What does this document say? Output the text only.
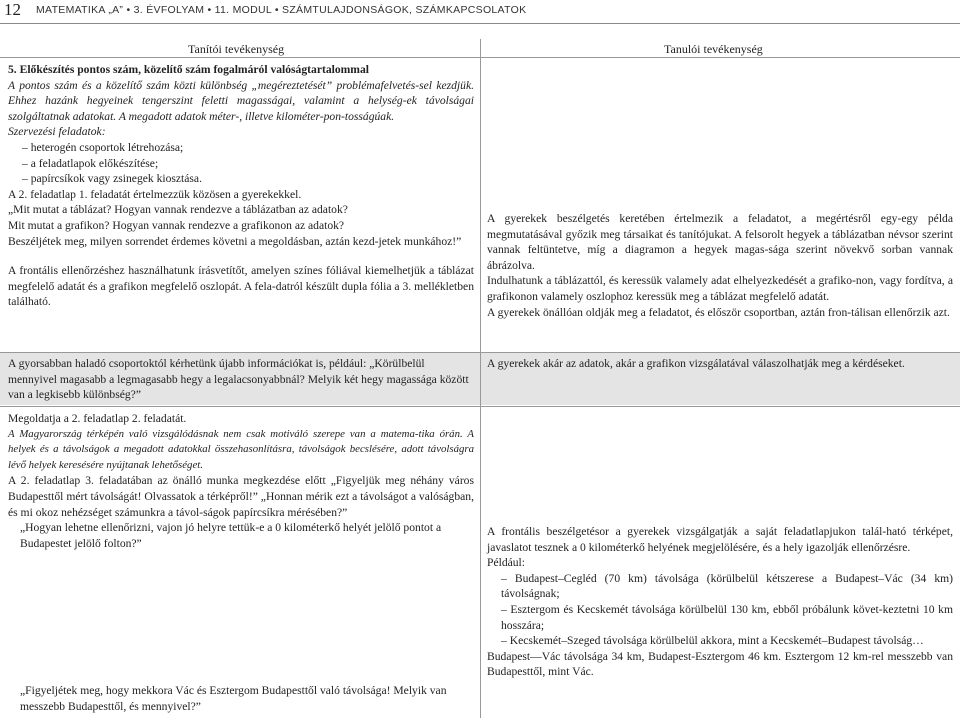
12 MATEMATIKA „A” • 3. ÉVFOLYAM • 11. MODUL • SZÁMTULAJDONSÁGOK, SZÁMKAPCSOLATOK
Tanítói tevékenység	Tanulói tevékenység

5. Előkészítés pontos szám, közelítő szám fogalmáról valóságtartalommal

A pontos szám és a közelítő szám közti különbség „megéreztetését” problémafelvetés-sel kezdjük. Ehhez hazánk hegyeinek tengerszint feletti magasságai, valamint a helység-ek távolságai szolgáltatnak adatokat. A megadott adatok méter-, illetve kilométer-pon-tosságúak.

Szervezési feladatok:

– heterogén csoportok létrehozása;

– a feladatlapok előkészítése;

– papírcsíkok vagy zsinegek kiosztása.

A 2. feladatlap 1. feladatát értelmezzük közösen a gyerekekkel.

„Mit mutat a táblázat? Hogyan vannak rendezve a táblázatban az adatok?

Mit mutat a grafikon? Hogyan vannak rendezve a grafikonon az adatok?

Beszéljétek meg, milyen sorrendet érdemes követni a megoldásban, aztán kezd-jetek munkához!”

A frontális ellenőrzéshez használhatunk írásvetítőt, amelyen színes fóliával kiemelhetjük a táblázat megfelelő adatát és a grafikon megfelelő oszlopát. A fela-datról készült dupla fólia a 3. mellékletben található.

A gyorsabban haladó csoportoktól kérhetünk újabb információkat is, például: „Körülbelül mennyivel magasabb a legmagasabb hegy a legalacsonyabbnál? Melyik két hegy magassága között van a legkisebb különbség?”

Megoldatja a 2. feladatlap 2. feladatát.

A Magyarország térképén való vizsgálódásnak nem csak motiváló szerepe van a matema-tika órán. A helyek és a távolságok a megadott adatokkal összehasonlításra, távolságok becslésére, adott távolságra lévő helyek keresésére nyújtanak lehetőséget.

A 2. feladatlap 3. feladatában az önálló munka megkezdése előtt „Figyeljük meg néhány város Budapesttől mért távolságát! Olvassatok a térképről!” „Honnan mérik ezt a távolságot a valóságban, és mi okoz nehézséget számunkra a távol-ságok papírcsíkra mérésében?”

„Hogyan lehetne ellenőrizni, vajon jó helyre tettük-e a 0 kilométerkő helyét jelölő pontot a Budapestet jelölő folton?”

„Figyeljétek meg, hogy mekkora Vác és Esztergom Budapesttől való távolsága! Melyik van messzebb Budapesttől, és mennyivel?”

A gyerekek beszélgetés keretében értelmezik a feladatot, a megértésről egy-egy példa megmutatásával győzik meg társaikat és tanítójukat. A felsorolt hegyek a táblázatban névsor szerint vannak feltüntetve, míg a diagramon a hegyek magas-sága szerint növekvő sorban vannak ábrázolva.

Indulhatunk a táblázattól, és keressük valamely adat elhelyezkedését a grafiko-non, vagy fordítva, a grafikonon valamely oszlophoz keressük meg a táblázat megfelelő adatát.

A gyerekek önállóan oldják meg a feladatot, és először csoportban, aztán fron-tálisan ellenőrzik azt.

A gyerekek akár az adatok, akár a grafikon vizsgálatával válaszolhatják meg a kérdéseket.

A frontális beszélgetésor a gyerekek vizsgálgatják a saját feladatlapjukon talál-ható térképet, javaslatot tesznek a 0 kilométerkő helyének megjelölésére, és a hely igazolják ellenőrzésre.

Például:

– Budapest–Cegléd (70 km) távolsága (körülbelül kétszerese a Budapest–Vác (34 km) távolságnak;

– Esztergom és Kecskemét távolsága körülbelül 130 km, ebből próbálunk követ-keztetni 10 km hosszára;

– Kecskemét–Szeged távolsága körülbelül akkora, mint a Kecskemét–Budapest távolság…

Budapest—Vác távolsága 34 km, Budapest-Esztergom 46 km. Esztergom 12 km-rel messzebb van Budapesttől, mint Vác.
